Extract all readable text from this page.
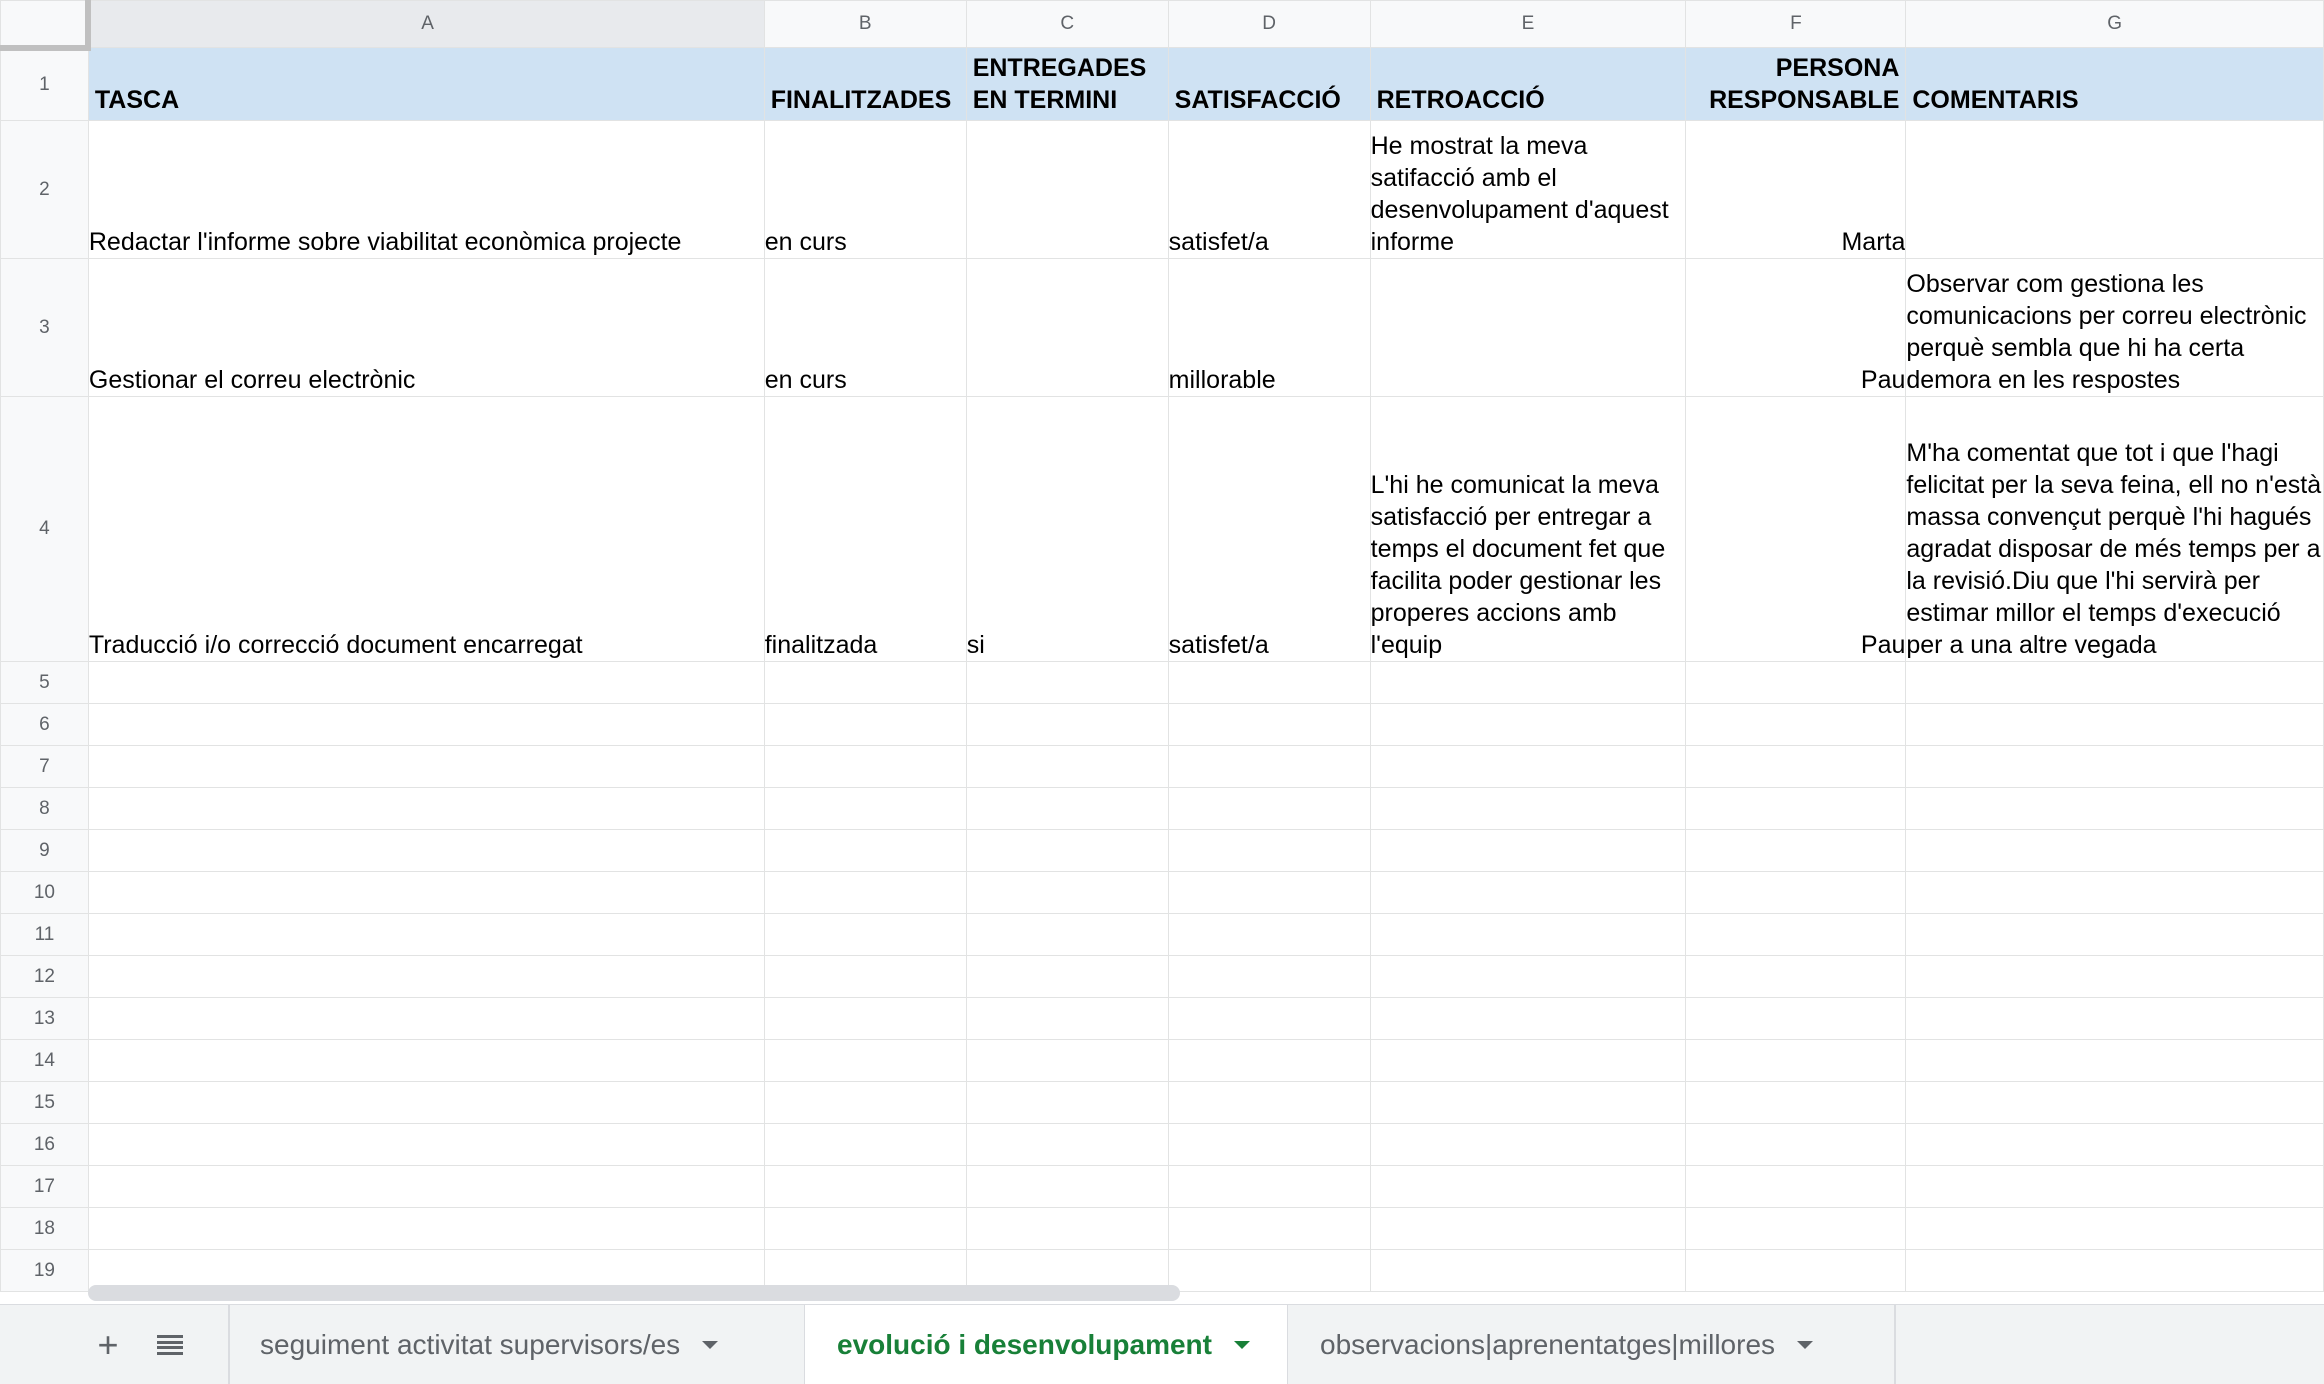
	A	B	C	D	E	F	G
1	TASCA	FINALITZADES	ENTREGADES EN TERMINI	SATISFACCIÓ	RETROACCIÓ	PERSONA RESPONSABLE	COMENTARIS
2	Redactar l'informe sobre viabilitat econòmica projecte	en curs		satisfet/a	He mostrat la meva satifacció amb el desenvolupament d'aquest informe	Marta	
3	Gestionar el correu electrònic	en curs		millorable		Pau	Observar com gestiona les comunicacions per correu electrònic perquè sembla que hi ha certa demora en les respostes
4	Traducció i/o correcció document encarregat	finalitzada	si	satisfet/a	L'hi he comunicat la meva satisfacció per entregar a temps el document fet que facilita poder gestionar les properes accions amb l'equip	Pau	M'ha comentat que tot i que l'hagi felicitat per la seva feina, ell no n'està massa convençut perquè l'hi hagués agradat disposar de més temps per a la revisió.Diu que l'hi servirà per estimar millor el temps d'execució per a una altre vegada
5							
6							
7							
8							
9							
10							
11							
12							
13							
14							
15							
16							
17							
18							
19							
+	seguiment activitat supervisors/es	evolució i desenvolupament	observacions|aprenentatges|millores
